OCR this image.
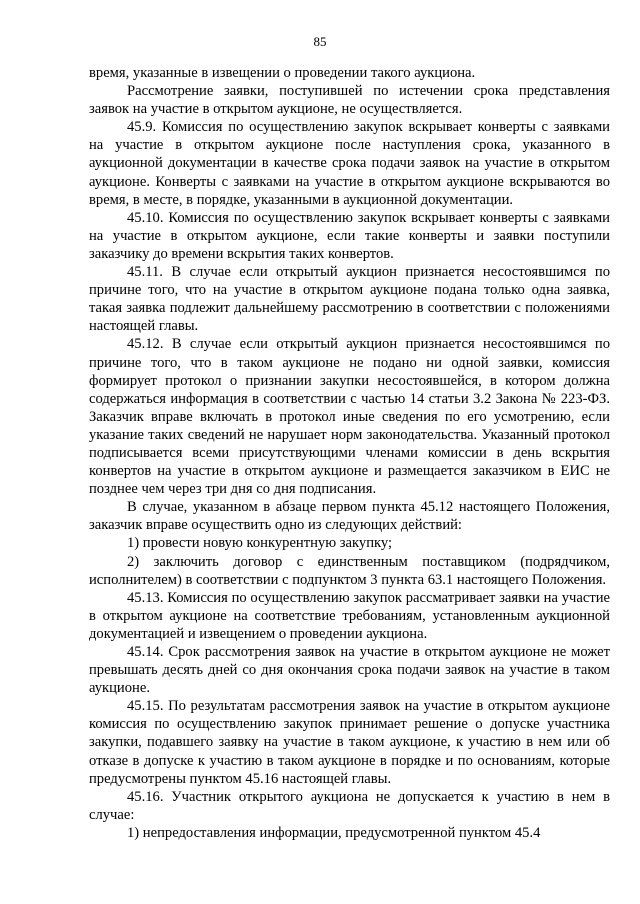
85

время, указанные в извещении о проведении такого аукциона.

Рассмотрение заявки, поступившей по истечении срока представления заявок на участие в открытом аукционе, не осуществляется.

45.9. Комиссия по осуществлению закупок вскрывает конверты с заявками на участие в открытом аукционе после наступления срока, указанного в аукционной документации в качестве срока подачи заявок на участие в открытом аукционе. Конверты с заявками на участие в открытом аукционе вскрываются во время, в месте, в порядке, указанными в аукционной документации.

45.10. Комиссия по осуществлению закупок вскрывает конверты с заявками на участие в открытом аукционе, если такие конверты и заявки поступили заказчику до времени вскрытия таких конвертов.

45.11. В случае если открытый аукцион признается несостоявшимся по причине того, что на участие в открытом аукционе подана только одна заявка, такая заявка подлежит дальнейшему рассмотрению в соответствии с положениями настоящей главы.

45.12. В случае если открытый аукцион признается несостоявшимся по причине того, что в таком аукционе не подано ни одной заявки, комиссия формирует протокол о признании закупки несостоявшейся, в котором должна содержаться информация в соответствии с частью 14 статьи 3.2 Закона № 223-ФЗ. Заказчик вправе включать в протокол иные сведения по его усмотрению, если указание таких сведений не нарушает норм законодательства. Указанный протокол подписывается всеми присутствующими членами комиссии в день вскрытия конвертов на участие в открытом аукционе и размещается заказчиком в ЕИС не позднее чем через три дня со дня подписания.

В случае, указанном в абзаце первом пункта 45.12 настоящего Положения, заказчик вправе осуществить одно из следующих действий:

1) провести новую конкурентную закупку;

2) заключить договор с единственным поставщиком (подрядчиком, исполнителем) в соответствии с подпунктом 3 пункта 63.1 настоящего Положения.

45.13. Комиссия по осуществлению закупок рассматривает заявки на участие в открытом аукционе на соответствие требованиям, установленным аукционной документацией и извещением о проведении аукциона.

45.14. Срок рассмотрения заявок на участие в открытом аукционе не может превышать десять дней со дня окончания срока подачи заявок на участие в таком аукционе.

45.15. По результатам рассмотрения заявок на участие в открытом аукционе комиссия по осуществлению закупок принимает решение о допуске участника закупки, подавшего заявку на участие в таком аукционе, к участию в нем или об отказе в допуске к участию в таком аукционе в порядке и по основаниям, которые предусмотрены пунктом 45.16 настоящей главы.

45.16. Участник открытого аукциона не допускается к участию в нем в случае:

1) непредоставления информации, предусмотренной пунктом 45.4
